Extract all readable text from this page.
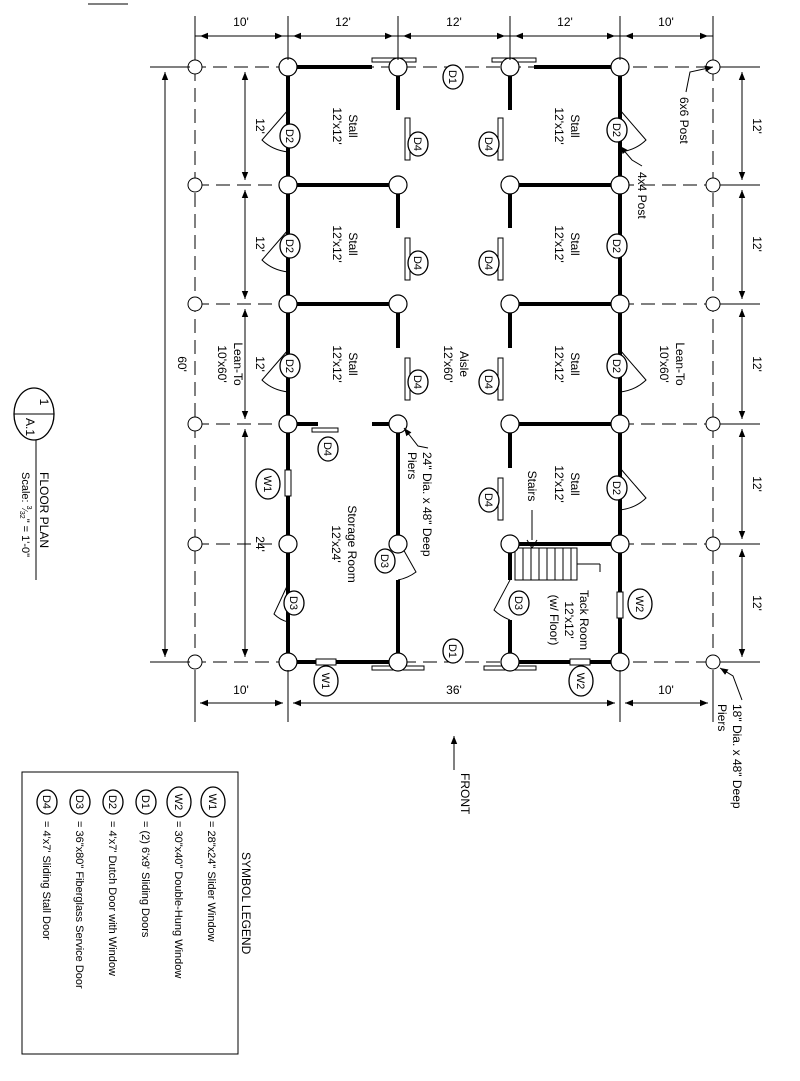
10'	12'	12'	12'	10'
10'	36'	10'
60'
12'
12'
12'
24'
12'
12'
12'
12'
12'
Stall
12'x12'
Stall
12'x12'
Stall
12'x12'
Stall
12'x12'
Stall
12'x12'
Stall
12'x12'
Stall
12'x12'
Aisle
12'x60'
Lean-To
10'x60'	Lean-To
10'x60'
Storage Room
12'x24'
Tack Room
12'x12'
(w/ Floor)
Stairs
6x6 Post
4x4 Post
24" Dia. x 48" Deep
Piers
18" Dia. x 48" Deep
Piers
D1
D1
D2
D2
D2
D2
D2
D2
D2
D3
D3
D3
D4
D4
D4
D4
D4
D4
D4
D4
W1
W1
W2
W2
FRONT
1
A.1
FLOOR PLAN
Scale: $^3_⁄$32" = 1'-0"
SYMBOL LEGEND
W1
= 28"x24" Slider Window
W2
= 30"x40" Double-Hung Window
D1
= (2) 6'x9' Sliding Doors
D2
= 4'x7' Dutch Door with Window
D3
= 36"x80" Fiberglass Service Door
D4
= 4'x7' Sliding Stall Door
